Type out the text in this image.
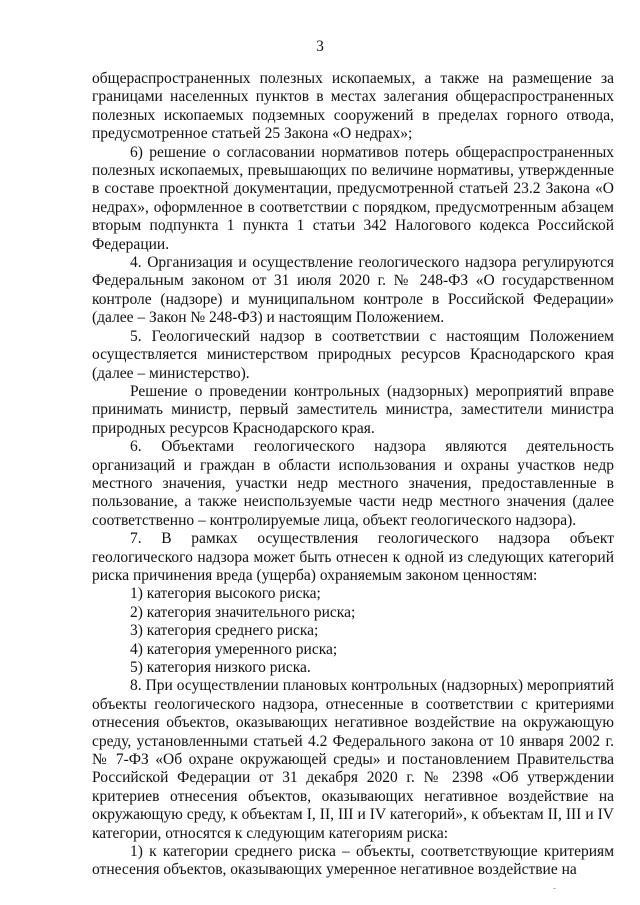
3

общераспространенных полезных ископаемых, а также на размещение за границами населенных пунктов в местах залегания общераспространенных полезных ископаемых подземных сооружений в пределах горного отвода, предусмотренное статьей 25 Закона «О недрах»;

6) решение о согласовании нормативов потерь общераспространенных полезных ископаемых, превышающих по величине нормативы, утвержденные в составе проектной документации, предусмотренной статьей 23.2 Закона «О недрах», оформленное в соответствии с порядком, предусмотренным абзацем вторым подпункта 1 пункта 1 статьи 342 Налогового кодекса Российской Федерации.

4. Организация и осуществление геологического надзора регулируются Федеральным законом от 31 июля 2020 г. № 248-ФЗ «О государственном контроле (надзоре) и муниципальном контроле в Российской Федерации» (далее – Закон № 248-ФЗ) и настоящим Положением.

5. Геологический надзор в соответствии с настоящим Положением осуществляется министерством природных ресурсов Краснодарского края (далее – министерство).

Решение о проведении контрольных (надзорных) мероприятий вправе принимать министр, первый заместитель министра, заместители министра природных ресурсов Краснодарского края.

6. Объектами геологического надзора являются деятельность организаций и граждан в области использования и охраны участков недр местного значения, участки недр местного значения, предоставленные в пользование, а также неиспользуемые части недр местного значения (далее соответственно – контролируемые лица, объект геологического надзора).

7. В рамках осуществления геологического надзора объект геологического надзора может быть отнесен к одной из следующих категорий риска причинения вреда (ущерба) охраняемым законом ценностям:

1) категория высокого риска;

2) категория значительного риска;

3) категория среднего риска;

4) категория умеренного риска;

5) категория низкого риска.

8. При осуществлении плановых контрольных (надзорных) мероприятий объекты геологического надзора, отнесенные в соответствии с критериями отнесения объектов, оказывающих негативное воздействие на окружающую среду, установленными статьей 4.2 Федерального закона от 10 января 2002 г. № 7-ФЗ «Об охране окружающей среды» и постановлением Правительства Российской Федерации от 31 декабря 2020 г. № 2398 «Об утверждении критериев отнесения объектов, оказывающих негативное воздействие на окружающую среду, к объектам I, II, III и IV категорий», к объектам II, III и IV категории, относятся к следующим категориям риска:

1) к категории среднего риска – объекты, соответствующие критериям отнесения объектов, оказывающих умеренное негативное воздействие на
